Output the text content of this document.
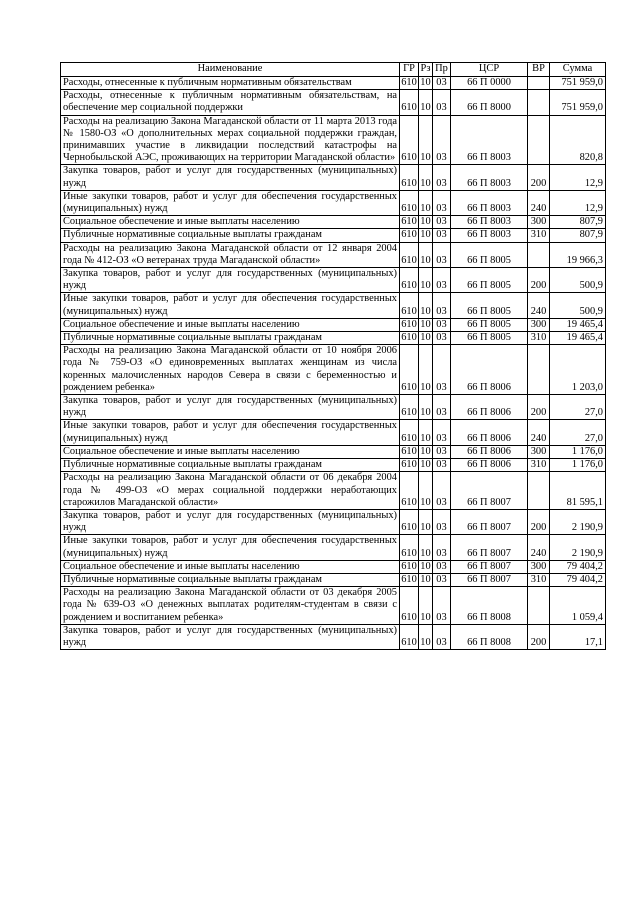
Наименование	ГР	Рз	Пр	ЦСР	ВР	Сумма
Расходы, отнесенные к публичным нормативным обязательствам	610	10	03	66 П 0000		751 959,0
Расходы, отнесенные к публичным нормативным обязательствам, на обеспечение мер социальной поддержки	610	10	03	66 П 8000		751 959,0
Расходы на реализацию Закона Магаданской области от 11 марта 2013 года № 1580-ОЗ «О дополнительных мерах социальной поддержки граждан, принимавших участие в ликвидации последствий катастрофы на Чернобыльской АЭС, проживающих на территории Магаданской области»	610	10	03	66 П 8003		820,8
Закупка товаров, работ и услуг для государственных (муниципальных) нужд	610	10	03	66 П 8003	200	12,9
Иные закупки товаров, работ и услуг для обеспечения государственных (муниципальных) нужд	610	10	03	66 П 8003	240	12,9
Социальное обеспечение и иные выплаты населению	610	10	03	66 П 8003	300	807,9
Публичные нормативные социальные выплаты гражданам	610	10	03	66 П 8003	310	807,9
Расходы на реализацию Закона Магаданской области от 12 января 2004 года № 412-ОЗ «О ветеранах труда Магаданской области»	610	10	03	66 П 8005		19 966,3
Закупка товаров, работ и услуг для государственных (муниципальных) нужд	610	10	03	66 П 8005	200	500,9
Иные закупки товаров, работ и услуг для обеспечения государственных (муниципальных) нужд	610	10	03	66 П 8005	240	500,9
Социальное обеспечение и иные выплаты населению	610	10	03	66 П 8005	300	19 465,4
Публичные нормативные социальные выплаты гражданам	610	10	03	66 П 8005	310	19 465,4
Расходы на реализацию Закона Магаданской области от 10 ноября 2006 года № 759-ОЗ «О единовременных выплатах женщинам из числа коренных малочисленных народов Севера в связи с беременностью и рождением ребенка»	610	10	03	66 П 8006		1 203,0
Закупка товаров, работ и услуг для государственных (муниципальных) нужд	610	10	03	66 П 8006	200	27,0
Иные закупки товаров, работ и услуг для обеспечения государственных (муниципальных) нужд	610	10	03	66 П 8006	240	27,0
Социальное обеспечение и иные выплаты населению	610	10	03	66 П 8006	300	1 176,0
Публичные нормативные социальные выплаты гражданам	610	10	03	66 П 8006	310	1 176,0
Расходы на реализацию Закона Магаданской области от 06 декабря 2004 года № 499-ОЗ «О мерах социальной поддержки неработающих старожилов Магаданской области»	610	10	03	66 П 8007		81 595,1
Закупка товаров, работ и услуг для государственных (муниципальных) нужд	610	10	03	66 П 8007	200	2 190,9
Иные закупки товаров, работ и услуг для обеспечения государственных (муниципальных) нужд	610	10	03	66 П 8007	240	2 190,9
Социальное обеспечение и иные выплаты населению	610	10	03	66 П 8007	300	79 404,2
Публичные нормативные социальные выплаты гражданам	610	10	03	66 П 8007	310	79 404,2
Расходы на реализацию Закона Магаданской области от 03 декабря 2005 года № 639-ОЗ «О денежных выплатах родителям-студентам в связи с рождением и воспитанием ребенка»	610	10	03	66 П 8008		1 059,4
Закупка товаров, работ и услуг для государственных (муниципальных) нужд	610	10	03	66 П 8008	200	17,1
